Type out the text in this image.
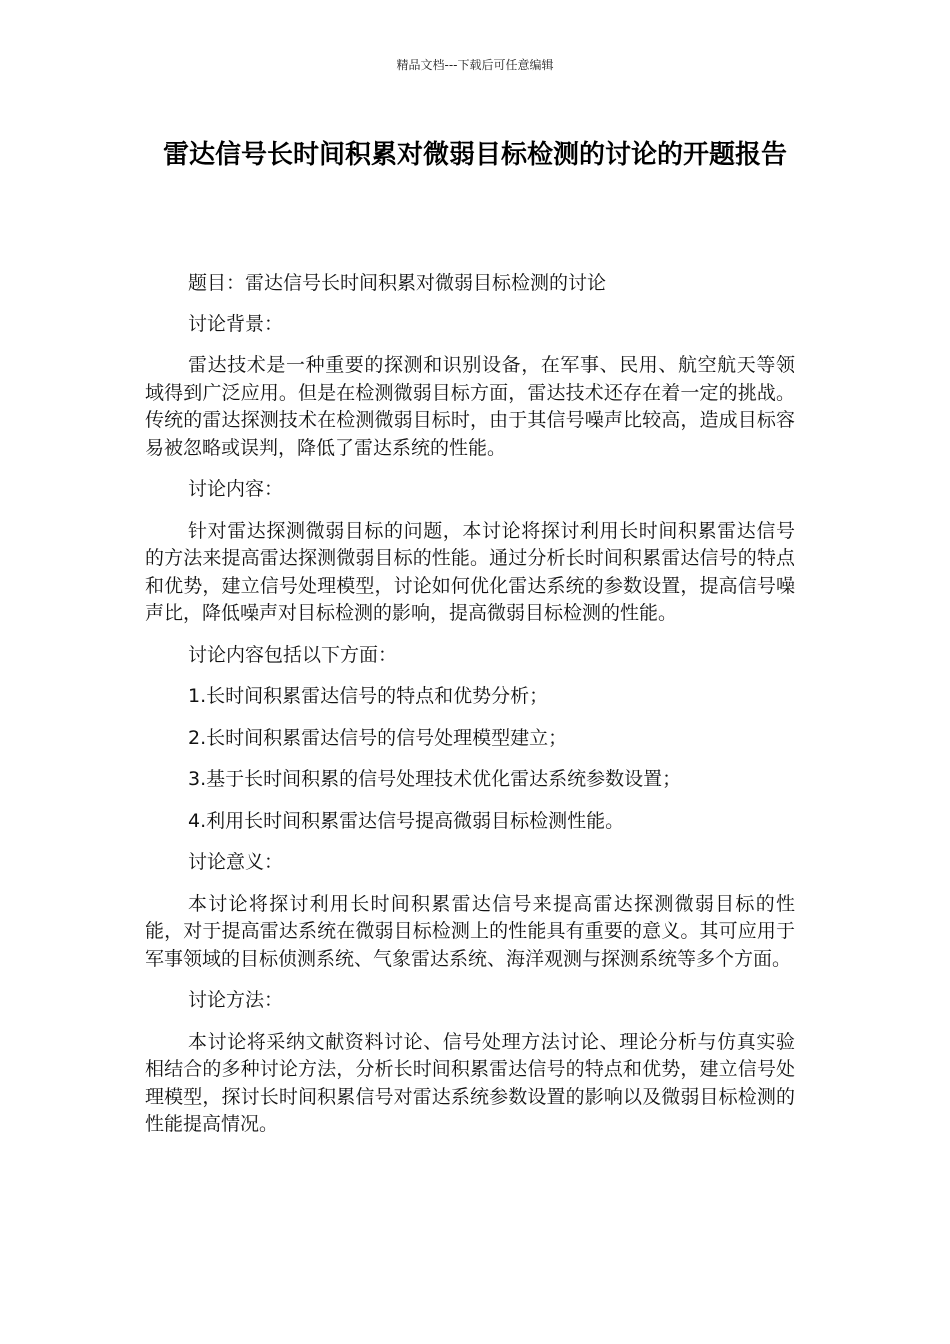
精品文档---下载后可任意编辑
雷达信号长时间积累对微弱目标检测的讨论的开题报告

题目：雷达信号长时间积累对微弱目标检测的讨论

讨论背景：

雷达技术是一种重要的探测和识别设备，在军事、民用、航空航天等领域得到广泛应用。但是在检测微弱目标方面，雷达技术还存在着一定的挑战。传统的雷达探测技术在检测微弱目标时，由于其信号噪声比较高，造成目标容易被忽略或误判，降低了雷达系统的性能。

讨论内容：

针对雷达探测微弱目标的问题，本讨论将探讨利用长时间积累雷达信号的方法来提高雷达探测微弱目标的性能。通过分析长时间积累雷达信号的特点和优势，建立信号处理模型，讨论如何优化雷达系统的参数设置，提高信号噪声比，降低噪声对目标检测的影响，提高微弱目标检测的性能。

讨论内容包括以下方面：

1.长时间积累雷达信号的特点和优势分析；

2.长时间积累雷达信号的信号处理模型建立；

3.基于长时间积累的信号处理技术优化雷达系统参数设置；

4.利用长时间积累雷达信号提高微弱目标检测性能。

讨论意义：

本讨论将探讨利用长时间积累雷达信号来提高雷达探测微弱目标的性能，对于提高雷达系统在微弱目标检测上的性能具有重要的意义。其可应用于军事领域的目标侦测系统、气象雷达系统、海洋观测与探测系统等多个方面。

讨论方法：

本讨论将采纳文献资料讨论、信号处理方法讨论、理论分析与仿真实验相结合的多种讨论方法，分析长时间积累雷达信号的特点和优势，建立信号处理模型，探讨长时间积累信号对雷达系统参数设置的影响以及微弱目标检测的性能提高情况。
